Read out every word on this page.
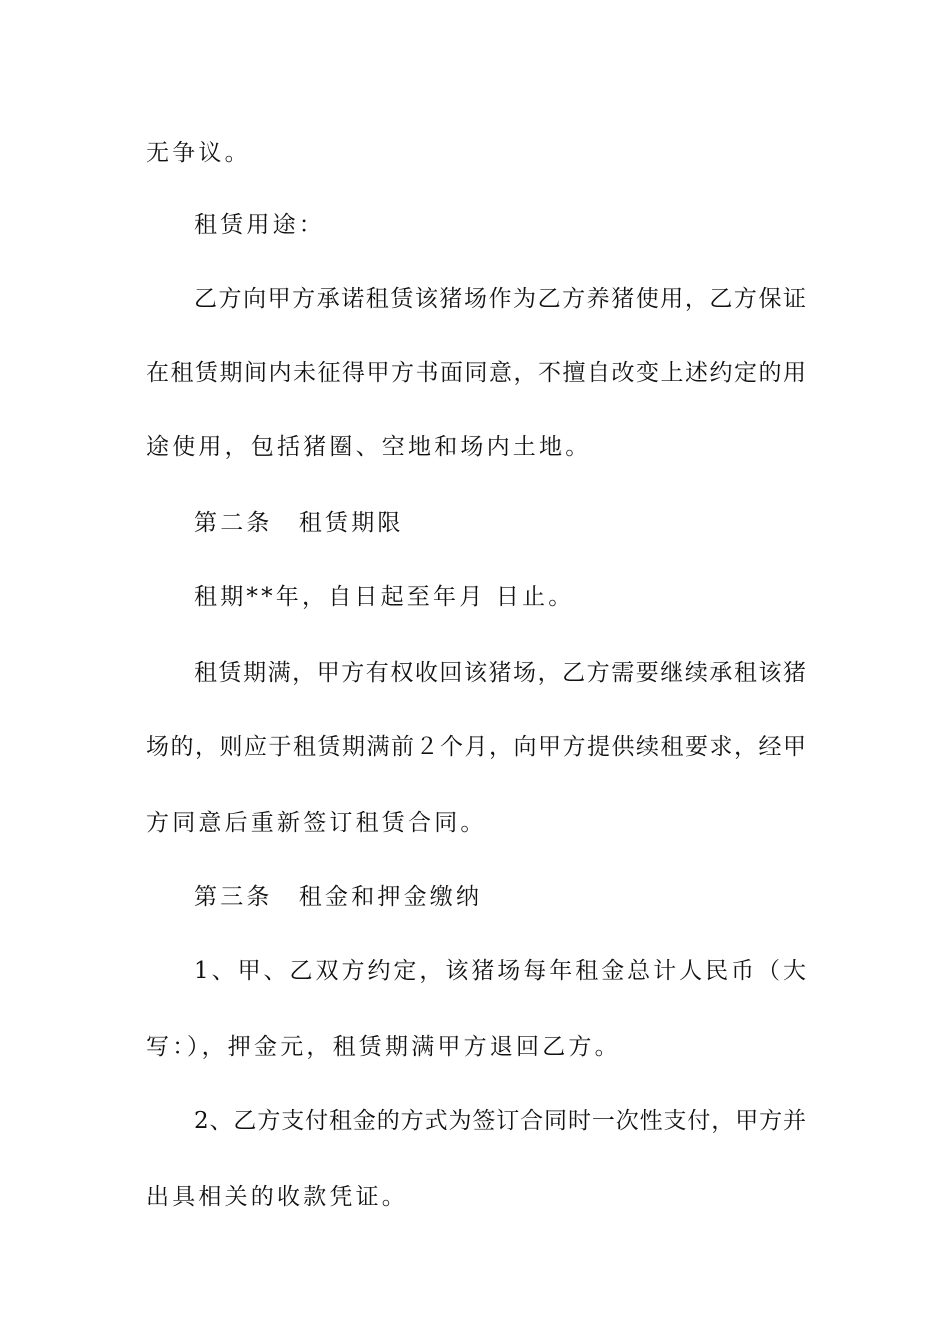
无争议。
租赁用途：
乙方向甲方承诺租赁该猪场作为乙方养猪使用，乙方保证
在租赁期间内未征得甲方书面同意，不擅自改变上述约定的用
途使用，包括猪圈、空地和场内土地。
第二条　租赁期限
租期**年，自日起至年月 日止。
租赁期满，甲方有权收回该猪场，乙方需要继续承租该猪
场的，则应于租赁期满前２个月，向甲方提供续租要求，经甲
方同意后重新签订租赁合同。
第三条　租金和押金缴纳
1、甲、乙双方约定，该猪场每年租金总计人民币（大
写：），押金元，租赁期满甲方退回乙方。
2、乙方支付租金的方式为签订合同时一次性支付，甲方并
出具相关的收款凭证。
